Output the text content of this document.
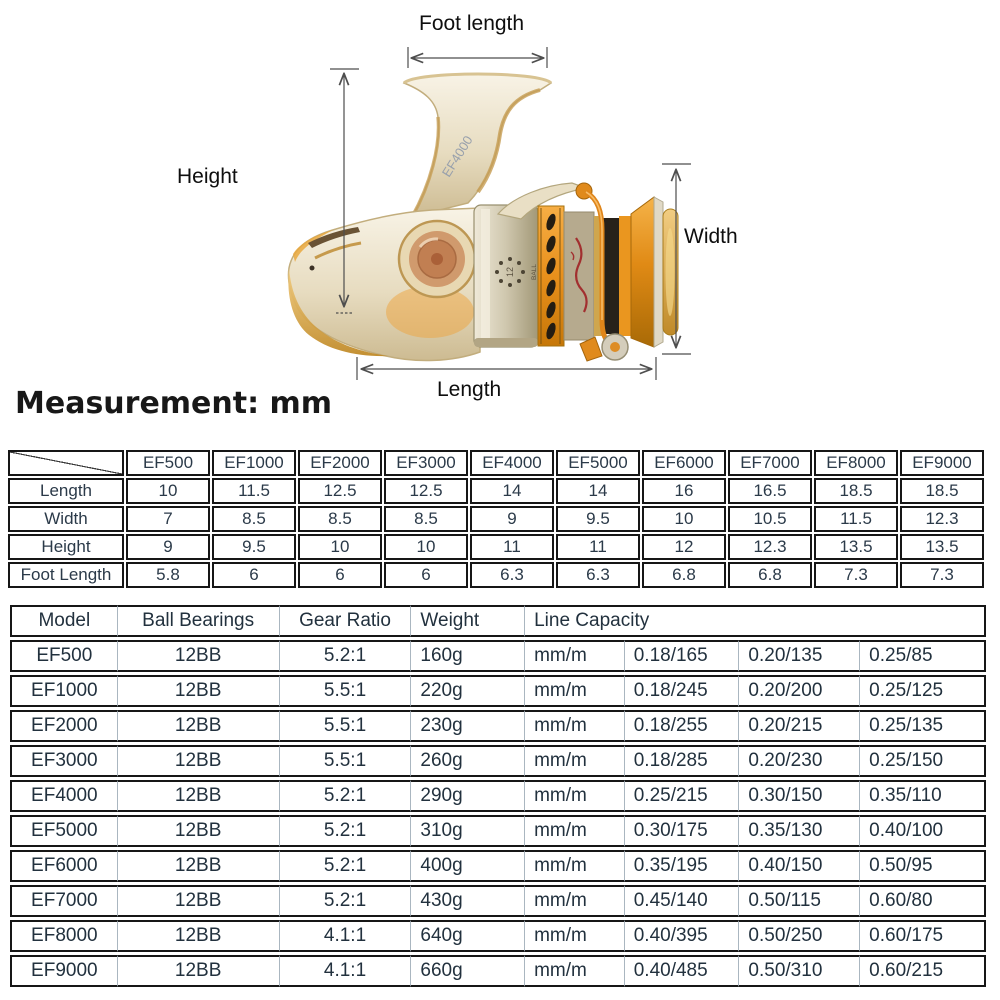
EF4000
12 BALL
Foot length
Height
Width
Length
Measurement: mm
	EF500	EF1000	EF2000	EF3000	EF4000	EF5000	EF6000	EF7000	EF8000	EF9000
Length	10	11.5	12.5	12.5	14	14	16	16.5	18.5	18.5
Width	7	8.5	8.5	8.5	9	9.5	10	10.5	11.5	12.3
Height	9	9.5	10	10	11	11	12	12.3	13.5	13.5
Foot Length	5.8	6	6	6	6.3	6.3	6.8	6.8	7.3	7.3
Model	Ball Bearings	Gear Ratio	Weight	Line Capacity			
EF500	12BB	5.2:1	160g	mm/m	0.18/165	0.20/135	0.25/85
EF1000	12BB	5.5:1	220g	mm/m	0.18/245	0.20/200	0.25/125
EF2000	12BB	5.5:1	230g	mm/m	0.18/255	0.20/215	0.25/135
EF3000	12BB	5.5:1	260g	mm/m	0.18/285	0.20/230	0.25/150
EF4000	12BB	5.2:1	290g	mm/m	0.25/215	0.30/150	0.35/110
EF5000	12BB	5.2:1	310g	mm/m	0.30/175	0.35/130	0.40/100
EF6000	12BB	5.2:1	400g	mm/m	0.35/195	0.40/150	0.50/95
EF7000	12BB	5.2:1	430g	mm/m	0.45/140	0.50/115	0.60/80
EF8000	12BB	4.1:1	640g	mm/m	0.40/395	0.50/250	0.60/175
EF9000	12BB	4.1:1	660g	mm/m	0.40/485	0.50/310	0.60/215
